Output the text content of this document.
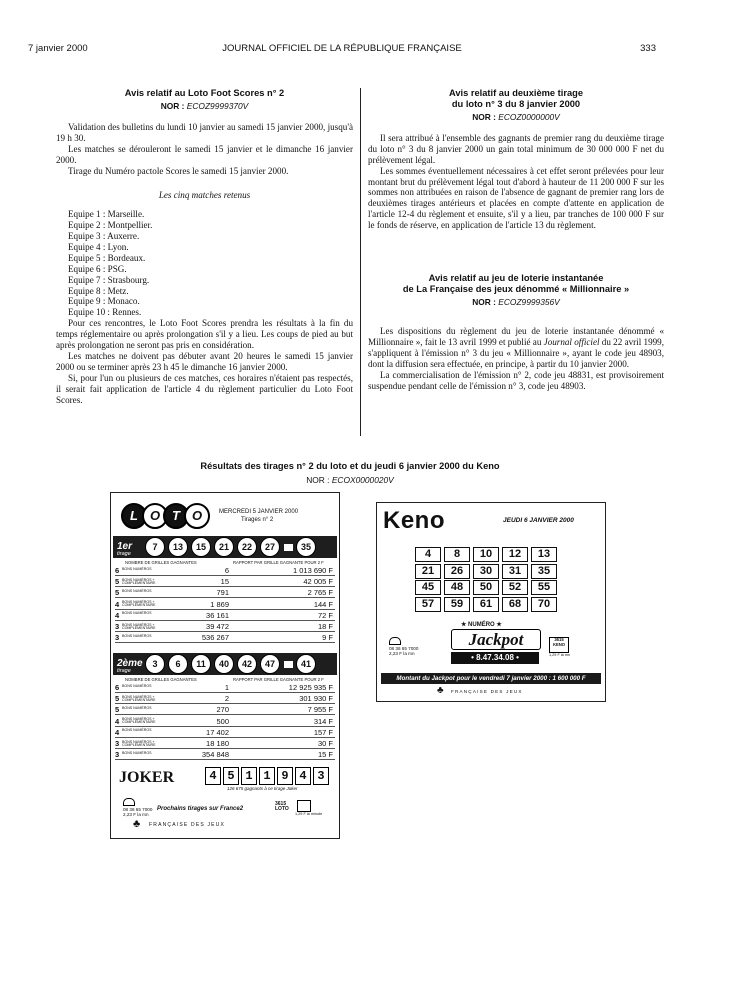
7 janvier 2000	JOURNAL OFFICIEL DE LA RÉPUBLIQUE FRANÇAISE	333
Avis relatif au Loto Foot Scores n° 2
NOR : ECOZ9999370V

Validation des bulletins du lundi 10 janvier au samedi 15 janvier 2000, jusqu'à 19 h 30.

Les matches se dérouleront le samedi 15 janvier et le dimanche 16 janvier 2000.

Tirage du Numéro pactole Scores le samedi 15 janvier 2000.

Les cinq matches retenus

Equipe 1 : Marseille.
Equipe 2 : Montpellier.
Equipe 3 : Auxerre.
Equipe 4 : Lyon.
Equipe 5 : Bordeaux.
Equipe 6 : PSG.
Equipe 7 : Strasbourg.
Equipe 8 : Metz.
Equipe 9 : Monaco.
Equipe 10 : Rennes.

Pour ces rencontres, le Loto Foot Scores prendra les résultats à la fin du temps réglementaire ou après prolongation s'il y a lieu. Les coups de pied au but après prolongation ne seront pas pris en considération.

Les matches ne doivent pas débuter avant 20 heures le samedi 15 janvier 2000 ou se terminer après 23 h 45 le dimanche 16 janvier 2000.

Si, pour l'un ou plusieurs de ces matches, ces horaires n'étaient pas respectés, il serait fait application de l'article 4 du règlement particulier du Loto Foot Scores.

Avis relatif au deuxième tirage
du loto n° 3 du 8 janvier 2000
NOR : ECOZ0000000V

Il sera attribué à l'ensemble des gagnants de premier rang du deuxième tirage du loto n° 3 du 8 janvier 2000 un gain total minimum de 30 000 000 F net du prélèvement légal.

Les sommes éventuellement nécessaires à cet effet seront prélevées pour leur montant brut du prélèvement légal tout d'abord à hauteur de 11 200 000 F sur les sommes non attribuées en raison de l'absence de gagnant de premier rang lors de deuxièmes tirages antérieurs et placées en compte d'attente en application de l'article 12-4 du règlement et ensuite, s'il y a lieu, par tranches de 100 000 F sur le fonds de réserve, en application de l'article 13 du règlement.

Avis relatif au jeu de loterie instantanée
de La Française des jeux dénommé « Millionnaire »
NOR : ECOZ9999356V

Les dispositions du règlement du jeu de loterie instantanée dénommé « Millionnaire », fait le 13 avril 1999 et publié au Journal officiel du 22 avril 1999, s'appliquent à l'émission n° 3 du jeu « Millionnaire », ayant le code jeu 48903, dont la diffusion sera effectuée, en principe, à partir du 10 janvier 2000.

La commercialisation de l'émission n° 2, code jeu 48831, est provisoirement suspendue pendant celle de l'émission n° 3, code jeu 48903.

Résultats des tirages n° 2 du loto et du jeudi 6 janvier 2000 du Keno
NOR : ECOX0000020V
L O T O	MERCREDI 5 JANVIER 2000
Tirages n° 2
1er
tirage
7	13	15	21	22	27	35
NOMBRE DE GRILLES GAGNANTES	RAPPORT PAR GRILLE GAGNANTE POUR 2 F
6 BONS NUMÉROS	6	1 013 690 F
5 BONS NUMÉROS + COMPLÉMENTAIRE	15	42 005 F
5 BONS NUMÉROS	791	2 765 F
4 BONS NUMÉROS + COMPLÉMENTAIRE	1 869	144 F
4 BONS NUMÉROS	36 161	72 F
3 BONS NUMÉROS + COMPLÉMENTAIRE	39 472	18 F
3 BONS NUMÉROS	536 267	9 F
2ème
tirage
3	6	11	40	42	47	41
NOMBRE DE GRILLES GAGNANTES	RAPPORT PAR GRILLE GAGNANTE POUR 2 F
6 BONS NUMÉROS	1	12 925 935 F
5 BONS NUMÉROS + COMPLÉMENTAIRE	2	301 930 F
5 BONS NUMÉROS	270	7 955 F
4 BONS NUMÉROS + COMPLÉMENTAIRE	500	314 F
4 BONS NUMÉROS	17 402	157 F
3 BONS NUMÉROS + COMPLÉMENTAIRE	18 180	30 F
3 BONS NUMÉROS	354 848	15 F
JOKER	4 5 1 1 9 4 3
126 675 gagnants à ce tirage Joker

08 36 65 7000
2,23 F la mn
Prochains tirages sur France2
3615
LOTO
1,29 F la minute
♣ FRANÇAISE DES JEUX
Keno	JEUDI 6 JANVIER 2000
4	8	10	12	13
21	26	30	31	35
45	48	50	52	55
57	59	61	68	70

08 36 65 7000
2,23 F la mn
★ NUMÉRO ★
Jackpot
• 8.47.34.08 •
3615
KENO
1,29 F la mn
Montant du Jackpot pour le vendredi 7 janvier 2000 : 1 600 000 F
♣ FRANÇAISE DES JEUX
